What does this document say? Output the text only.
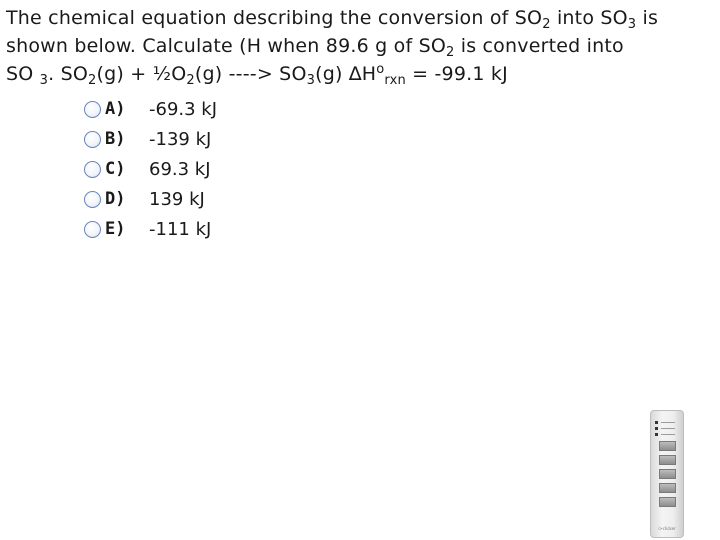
The chemical equation describing the conversion of $SO_2$ into $SO_3$ is
shown below. Calculate (H when 89.6 g of $SO_2$ is converted into
SO $_3$. $SO_2(g)$ + $\frac{1}{2}O_2(g)$ ----> $SO_3(g) \Delta H^o_{rxn} = -99.1$ kJ
A)	-69.3 kJ
B)	-139 kJ
C)	69.3 kJ
D)	139 kJ
E)	-111 kJ
i>clicker
